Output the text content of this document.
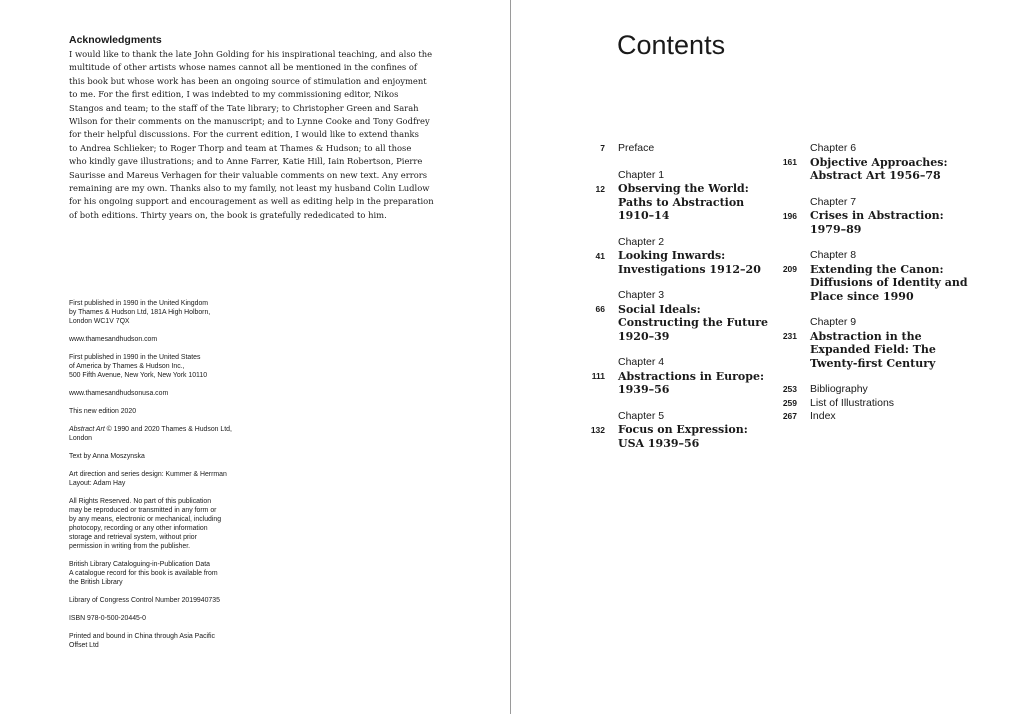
Acknowledgments
I would like to thank the late John Golding for his inspirational teaching, and also the
multitude of other artists whose names cannot all be mentioned in the confines of
this book but whose work has been an ongoing source of stimulation and enjoyment
to me. For the first edition, I was indebted to my commissioning editor, Nikos
Stangos and team; to the staff of the Tate library; to Christopher Green and Sarah
Wilson for their comments on the manuscript; and to Lynne Cooke and Tony Godfrey
for their helpful discussions. For the current edition, I would like to extend thanks
to Andrea Schlieker; to Roger Thorp and team at Thames & Hudson; to all those
who kindly gave illustrations; and to Anne Farrer, Katie Hill, Iain Robertson, Pierre
Saurisse and Mareus Verhagen for their valuable comments on new text. Any errors
remaining are my own. Thanks also to my family, not least my husband Colin Ludlow
for his ongoing support and encouragement as well as editing help in the preparation
of both editions. Thirty years on, the book is gratefully rededicated to him.
First published in 1990 in the United Kingdom
by Thames & Hudson Ltd, 181A High Holborn,
London WC1V 7QX
www.thamesandhudson.com
First published in 1990 in the United States
of America by Thames & Hudson Inc.,
500 Fifth Avenue, New York, New York 10110
www.thamesandhudsonusa.com
This new edition 2020
Abstract Art © 1990 and 2020 Thames & Hudson Ltd,
London
Text by Anna Moszynska
Art direction and series design: Kummer & Herrman
Layout: Adam Hay
All Rights Reserved. No part of this publication
may be reproduced or transmitted in any form or
by any means, electronic or mechanical, including
photocopy, recording or any other information
storage and retrieval system, without prior
permission in writing from the publisher.
British Library Cataloguing-in-Publication Data
A catalogue record for this book is available from
the British Library
Library of Congress Control Number 2019940735
ISBN 978-0-500-20445-0
Printed and bound in China through Asia Pacific
Offset Ltd
Contents
7 Preface
12
Chapter 1
Observing the World:
Paths to Abstraction
1910–14
41
Chapter 2
Looking Inwards:
Investigations 1912–20
66
Chapter 3
Social Ideals:
Constructing the Future
1920–39
111
Chapter 4
Abstractions in Europe:
1939–56
132
Chapter 5
Focus on Expression:
USA 1939–56
161
Chapter 6
Objective Approaches:
Abstract Art 1956–78
196
Chapter 7
Crises in Abstraction:
1979–89
209
Chapter 8
Extending the Canon:
Diffusions of Identity and
Place since 1990
231
Chapter 9
Abstraction in the
Expanded Field: The
Twenty-first Century
253 Bibliography
259 List of Illustrations
267 Index
